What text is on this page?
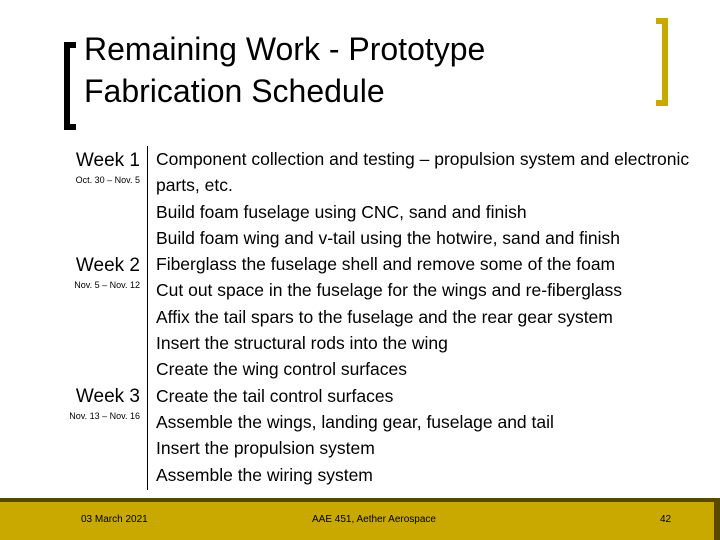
Remaining Work - Prototype
Fabrication Schedule
Week 1
Oct. 30 – Nov. 5
Week 2
Nov. 5 – Nov. 12
Week 3
Nov. 13 – Nov. 16
Component collection and testing – propulsion system and electronic parts, etc.
Build foam fuselage using CNC, sand and finish
Build foam wing and v-tail using the hotwire, sand and finish
Fiberglass the fuselage shell and remove some of the foam
Cut out space in the fuselage for the wings and re-fiberglass
Affix the tail spars to the fuselage and the rear gear system
Insert the structural rods into the wing
Create the wing control surfaces
Create the tail control surfaces
Assemble the wings, landing gear, fuselage and tail
Insert the propulsion system
Assemble the wiring system
03 March 2021	AAE 451, Aether Aerospace	42
